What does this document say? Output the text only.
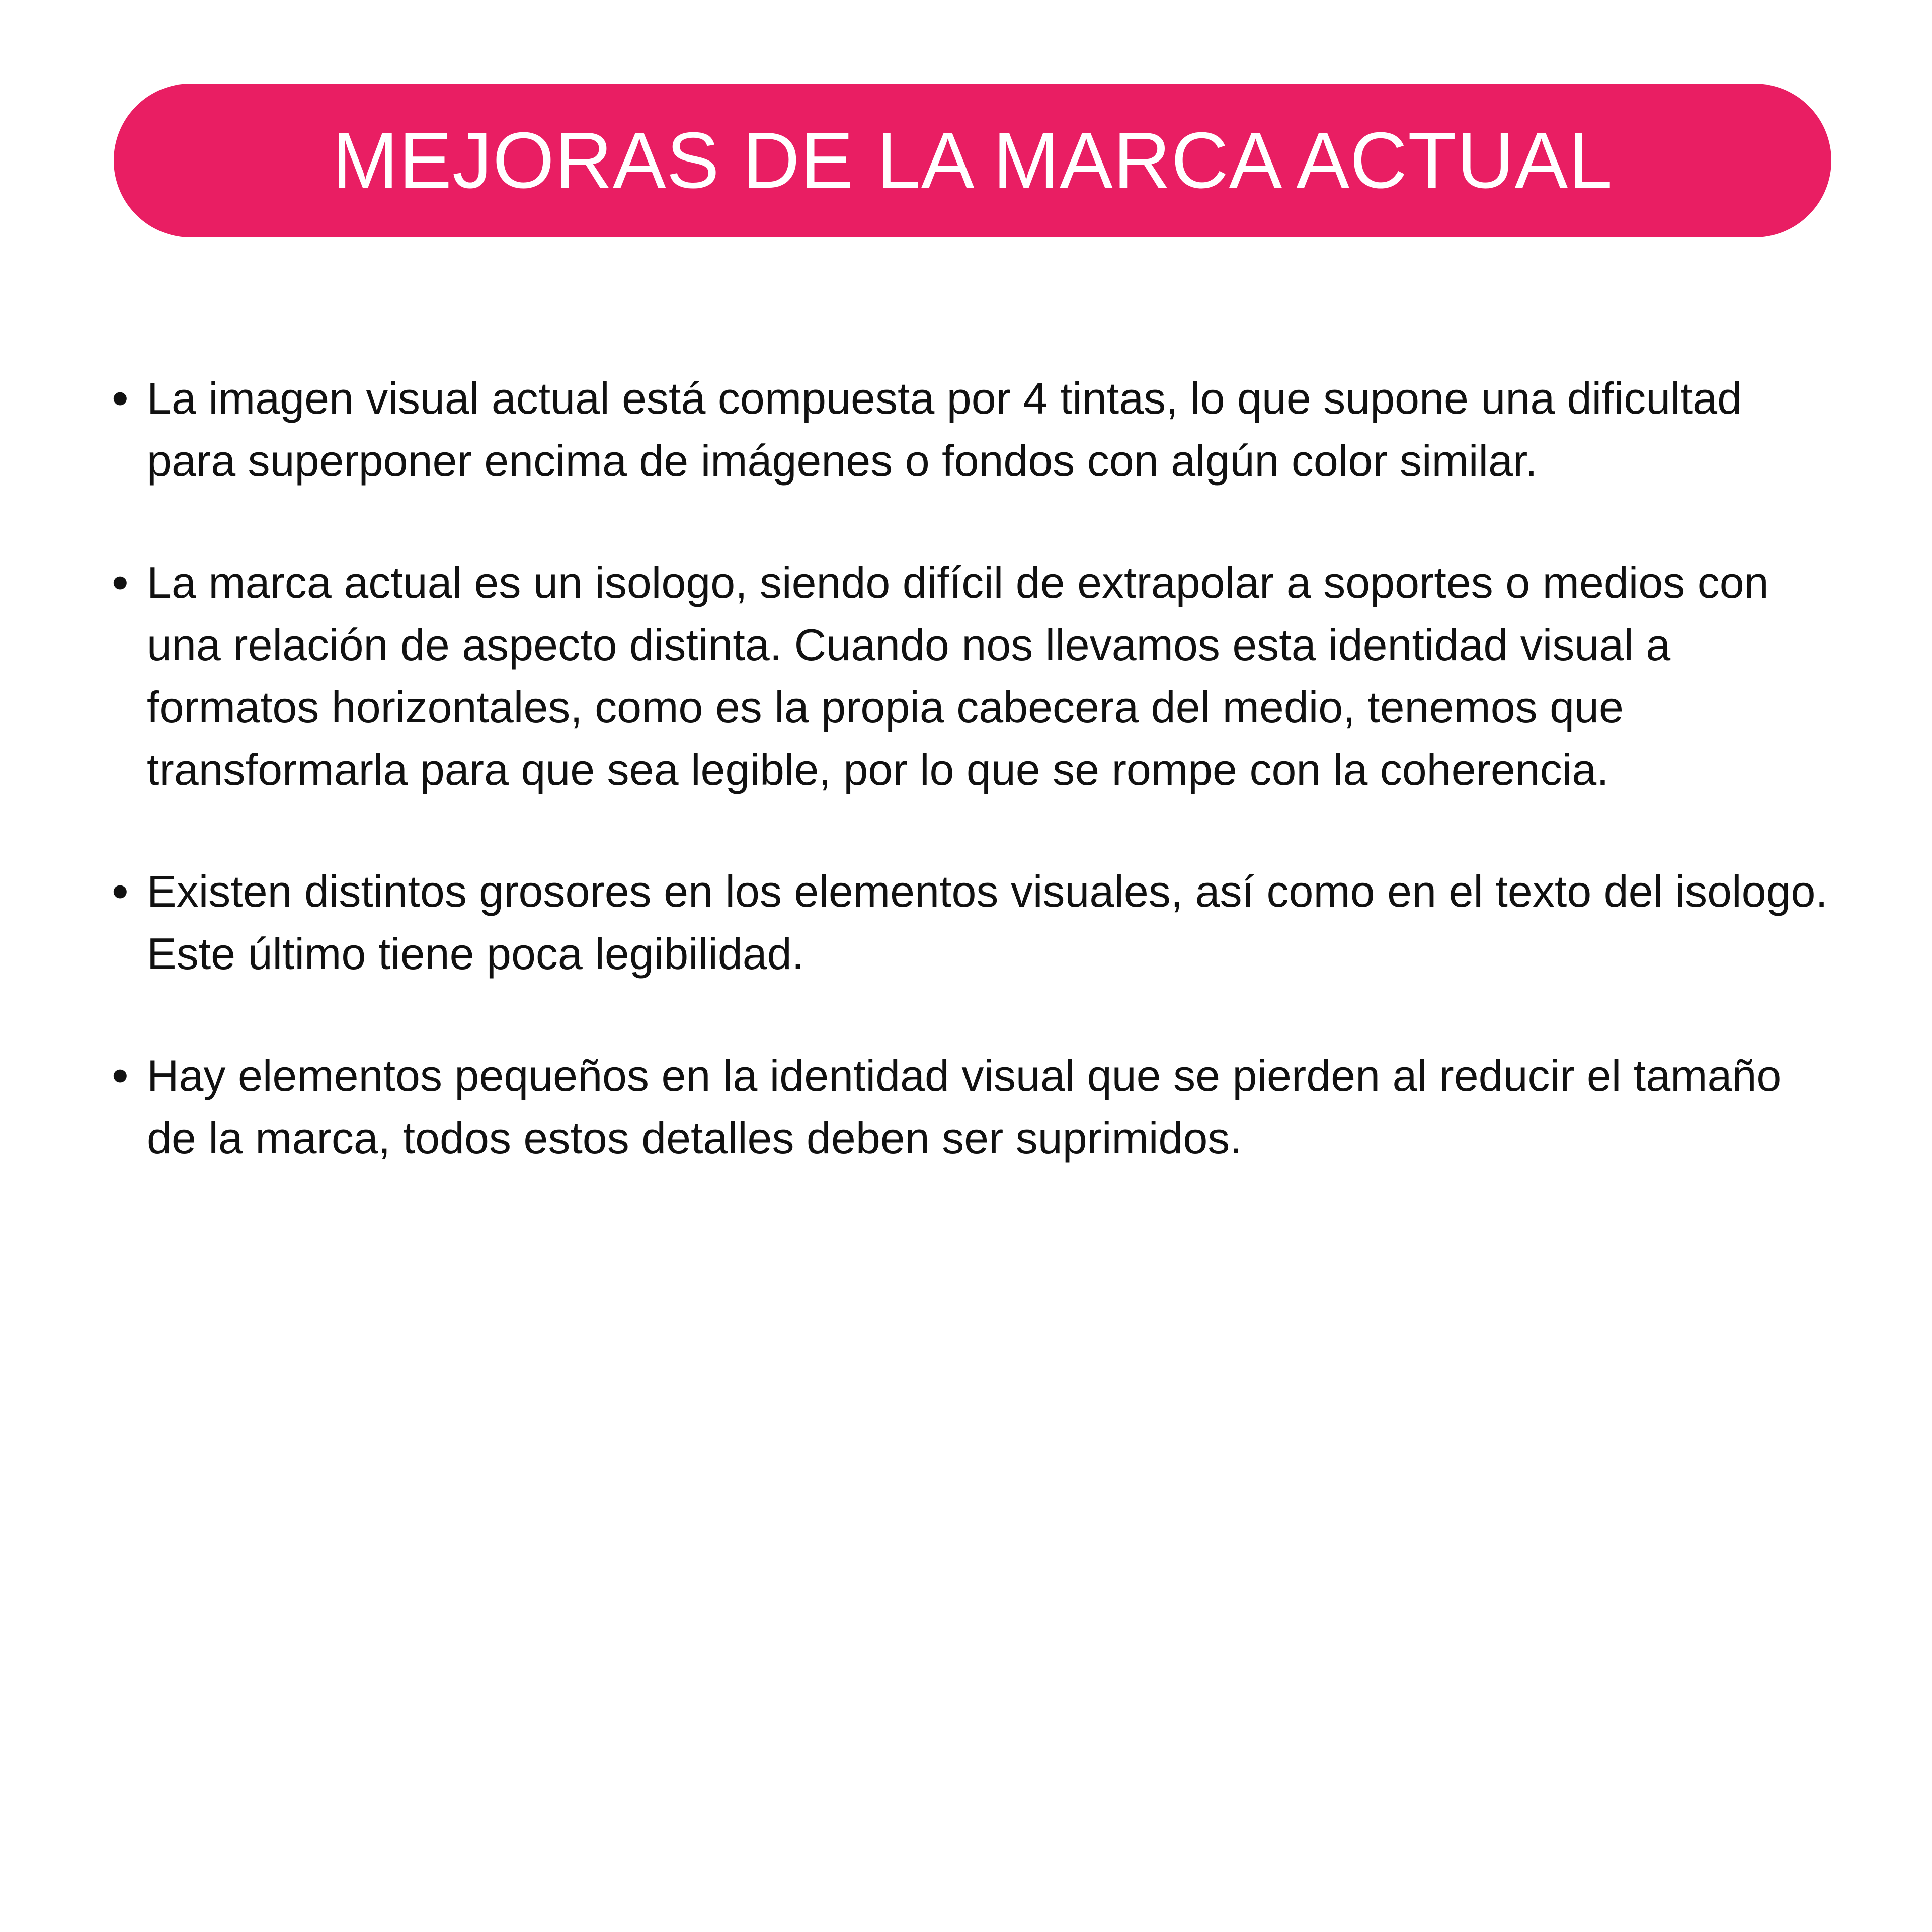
MEJORAS DE LA MARCA ACTUAL
• La imagen visual actual está compuesta por 4 tintas, lo que supone una dificultad para superponer encima de imágenes o fondos con algún color similar.
• La marca actual es un isologo, siendo difícil de extrapolar a soportes o medios con una relación de aspecto distinta. Cuando nos llevamos esta identidad visual a formatos horizontales, como es la propia cabecera del medio, tenemos que transformarla para que sea legible, por lo que se rompe con la coherencia.
• Existen distintos grosores en los elementos visuales, así como en el texto del isologo. Este último tiene poca legibilidad.
• Hay elementos pequeños en la identidad visual que se pierden al reducir el tamaño de la marca, todos estos detalles deben ser suprimidos.
